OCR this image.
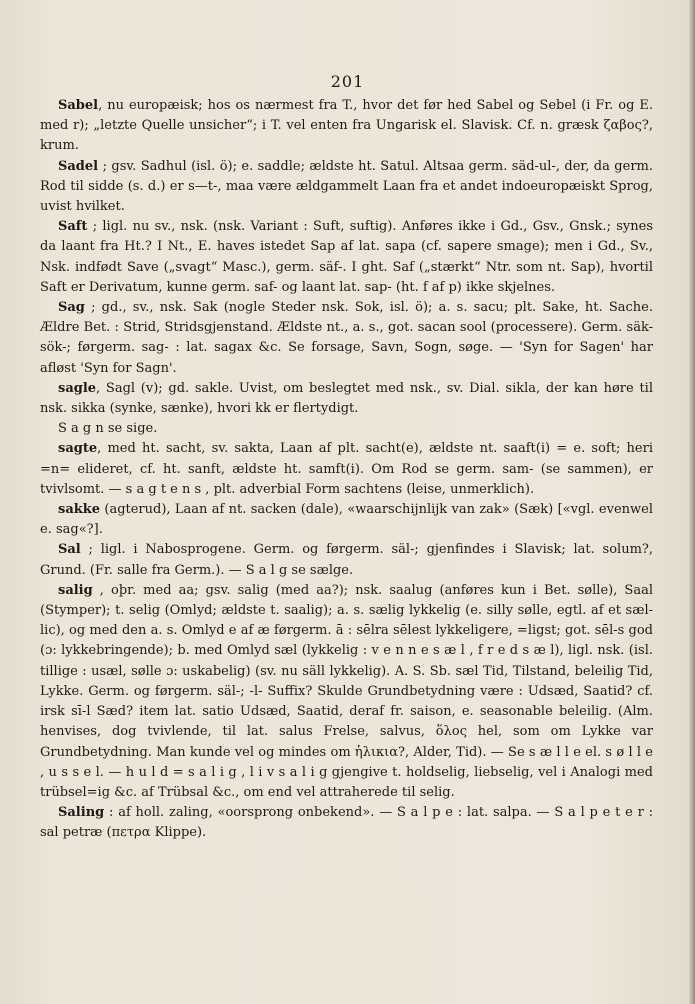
201

Sabel, nu europæisk; hos os nærmest fra T., hvor det før hed Sabel og Sebel (i Fr. og E. med r); „letzte Quelle unsicher“; i T. vel enten fra Ungarisk el. Slavisk. Cf. n. græsk ζαβος?, krum.

Sadel ; gsv. Sadhul (isl. ö); e. saddle; ældste ht. Satul. Altsaa germ. säd-ul-, der, da germ. Rod til sidde (s. d.) er s—t-, maa være ældgammelt Laan fra et andet indoeuropæiskt Sprog, uvist hvilket.

Saft ; ligl. nu sv., nsk. (nsk. Variant : Suft, suftig). Anføres ikke i Gd., Gsv., Gnsk.; synes da laant fra Ht.? I Nt., E. haves istedet Sap af lat. sapa (cf. sapere smage); men i Gd., Sv., Nsk. indfødt Save („svagt“ Masc.), germ. säf-. I ght. Saf („stærkt“ Ntr. som nt. Sap), hvortil Saft er Derivatum, kunne germ. saf- og laant lat. sap- (ht. f af p) ikke skjelnes.

Sag ; gd., sv., nsk. Sak (nogle Steder nsk. Sok, isl. ö); a. s. sacu; plt. Sake, ht. Sache. Ældre Bet. : Strid, Stridsgjenstand. Ældste nt., a. s., got. sacan sool (processere). Germ. säk- sök-; førgerm. sag- : lat. sagax &c. Se forsage, Savn, Sogn, søge. — 'Syn for Sagen' har afløst 'Syn for Sagn'.

sagle, Sagl (v); gd. sakle. Uvist, om beslegtet med nsk., sv. Dial. sikla, der kan høre til nsk. sikka (synke, sænke), hvori kk er flertydigt.

S a g n se sige.

sagte, med ht. sacht, sv. sakta, Laan af plt. sacht(e), ældste nt. saaft(i) = e. soft; heri =n= elideret, cf. ht. sanft, ældste ht. samft(i). Om Rod se germ. sam- (se sammen), er tvivlsomt. — s a g t e n s , plt. adverbial Form sachtens (leise, unmerklich).

sakke (agterud), Laan af nt. sacken (dale), «waarschijnlijk van zak» (Sæk) [«vgl. evenwel e. sag«?].

Sal ; ligl. i Nabosprogene. Germ. og førgerm. säl-; gjenfindes i Slavisk; lat. solum?, Grund. (Fr. salle fra Germ.). — S a l g se sælge.

salig , oþr. med aa; gsv. salig (med aa?); nsk. saalug (anføres kun i Bet. sølle), Saal (Stymper); t. selig (Omlyd; ældste t. saalig); a. s. sælig lykkelig (e. silly sølle, egtl. af et sæl-lic), og med den a. s. Omlyd e af æ førgerm. ā : sēlra sēlest lykkeligere, =ligst; got. sēl-s god (ɔ: lykkebringende); b. med Omlyd sæl (lykkelig : v e n n e s æ l , f r e d s æ l), ligl. nsk. (isl. tillige : usæl, sølle ɔ: uskabelig) (sv. nu säll lykkelig). A. S. Sb. sæl Tid, Tilstand, beleilig Tid, Lykke. Germ. og førgerm. säl-; -l- Suffix? Skulde Grundbetydning være : Udsæd, Saatid? cf. irsk sī-l Sæd? item lat. satio Udsæd, Saatid, deraf fr. saison, e. seasonable beleilig. (Alm. henvises, dog tvivlende, til lat. salus Frelse, salvus, ὅλος hel, som om Lykke var Grundbetydning. Man kunde vel og mindes om ἡλικια?, Alder, Tid). — Se s æ l l e el. s ø l l e , u s s e l. — h u l d = s a l i g , l i v s a l i g gjengive t. holdselig, liebselig, vel i Analogi med trübsel=ig &c. af Trübsal &c., om end vel attraherede til selig.

Saling : af holl. zaling, «oorsprong onbekend». — S a l p e : lat. salpa. — S a l p e t e r : sal petræ (πετρα Klippe).
